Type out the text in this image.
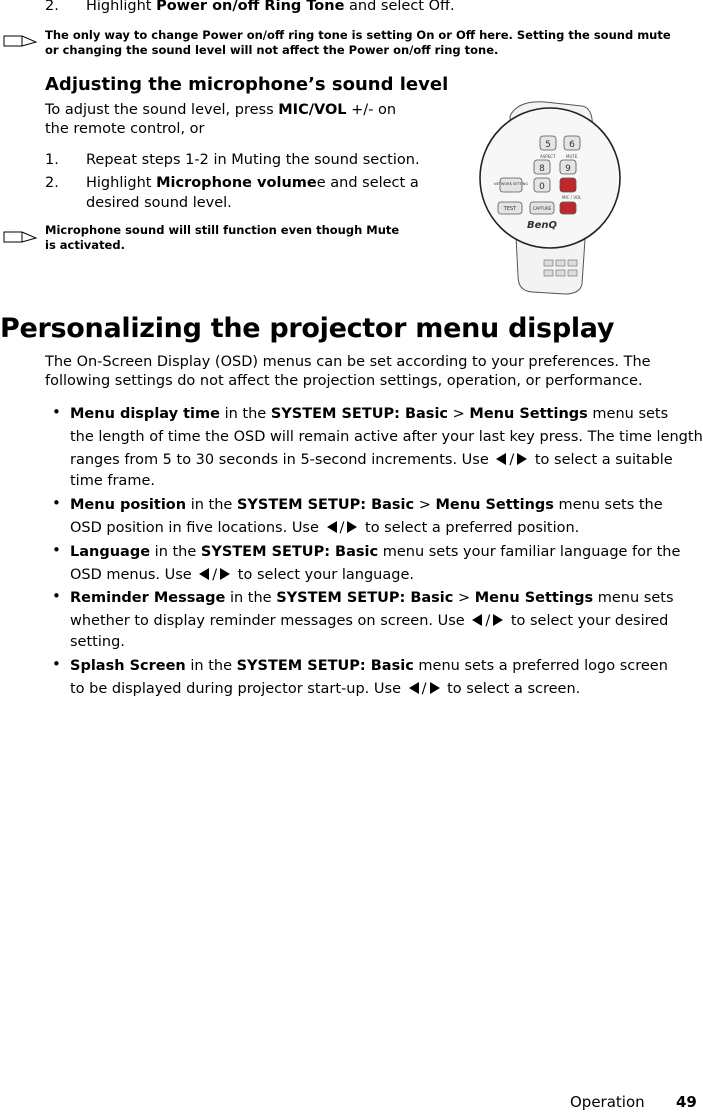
2. Highlight Power on/off Ring Tone and select Off.
The only way to change Power on/off ring tone is setting On or Off here. Setting the sound mute
or changing the sound level will not affect the Power on/off ring tone.
Adjusting the microphone’s sound level
To adjust the sound level, press MIC/VOL +/- on
the remote control, or
1. Repeat steps 1-2 in Muting the sound section.
2. Highlight Microphone volumee and select a
desired sound level.
Microphone sound will still function even though Mute
is activated.
5 6
ASPECT	MUTE
8 9
NETWORK SETTING 0
MIC / VOL
TEST	CAPTURE
BenQ
Personalizing the projector menu display
The On-Screen Display (OSD) menus can be set according to your preferences. The
following settings do not affect the projection settings, operation, or performance.
• Menu display time in the SYSTEM SETUP: Basic > Menu Settings menu sets
the length of time the OSD will remain active after your last key press. The time length
ranges from 5 to 30 seconds in 5-second increments. Use / to select a suitable
time frame.
• Menu position in the SYSTEM SETUP: Basic > Menu Settings menu sets the
OSD position in five locations. Use / to select a preferred position.
• Language in the SYSTEM SETUP: Basic menu sets your familiar language for the
OSD menus. Use / to select your language.
• Reminder Message in the SYSTEM SETUP: Basic > Menu Settings menu sets
whether to display reminder messages on screen. Use / to select your desired
setting.
• Splash Screen in the SYSTEM SETUP: Basic menu sets a preferred logo screen
to be displayed during projector start-up. Use / to select a screen.
Operation 49
